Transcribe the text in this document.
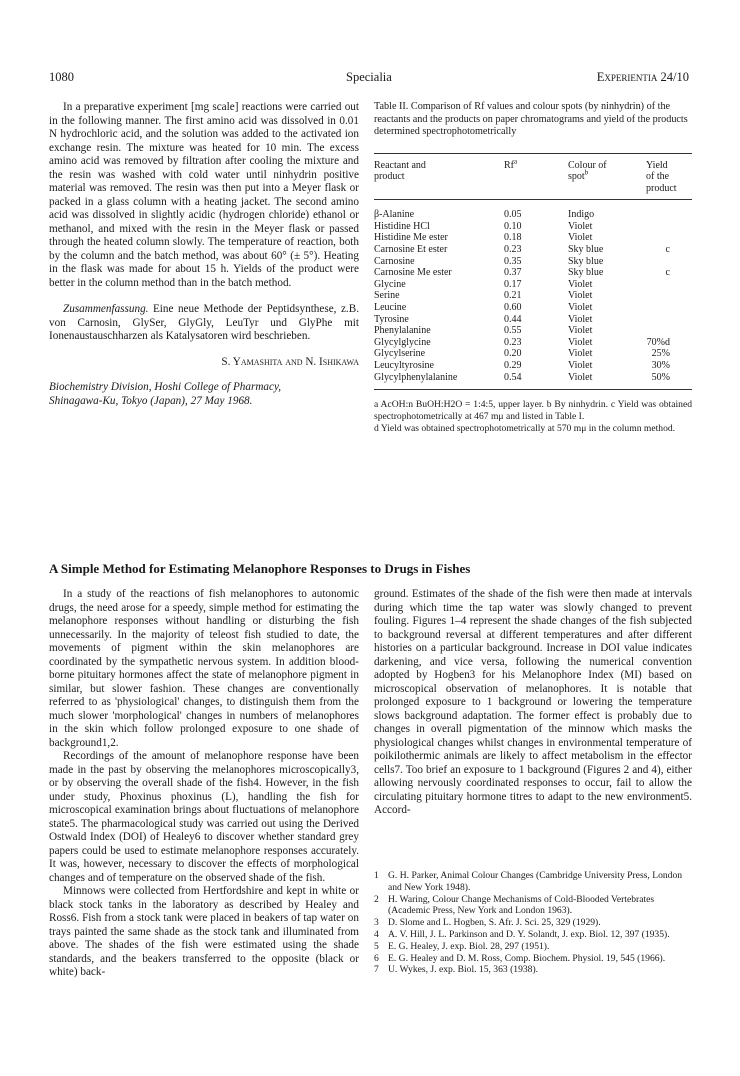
1080	Specialia	Experientia 24/10

In a preparative experiment [mg scale] reactions were carried out in the following manner. The first amino acid was dissolved in 0.01 N hydrochloric acid, and the solution was added to the activated ion exchange resin. The mixture was heated for 10 min. The excess amino acid was removed by filtration after cooling the mixture and the resin was washed with cold water until ninhydrin positive material was removed. The resin was then put into a Meyer flask or packed in a glass column with a heating jacket. The second amino acid was dissolved in slightly acidic (hydrogen chloride) ethanol or methanol, and mixed with the resin in the Meyer flask or passed through the heated column slowly. The temperature of reaction, both by the column and the batch method, was about 60° (± 5°). Heating in the flask was made for about 15 h. Yields of the product were better in the column method than in the batch method.

Zusammenfassung. Eine neue Methode der Peptidsynthese, z.B. von Carnosin, GlySer, GlyGly, LeuTyr und GlyPhe mit Ionenaustauschharzen als Katalysatoren wird beschrieben.

S. Yamashita and N. Ishikawa
Biochemistry Division, Hoshi College of Pharmacy,
Shinagawa-Ku, Tokyo (Japan), 27 May 1968.
Table II. Comparison of Rf values and colour spots (by ninhydrin) of the reactants and the products on paper chromatograms and yield of the products determined spectrophotometrically
Reactant and
product	Rf$^a$	Colour of
spot$^b$	Yield
of the
product
β-Alanine	0.05	Indigo	
Histidine HCl	0.10	Violet	
Histidine Me ester	0.18	Violet	
Carnosine Et ester	0.23	Sky blue	c
Carnosine	0.35	Sky blue	
Carnosine Me ester	0.37	Sky blue	c
Glycine	0.17	Violet	
Serine	0.21	Violet	
Leucine	0.60	Violet	
Tyrosine	0.44	Violet	
Phenylalanine	0.55	Violet	
Glycylglycine	0.23	Violet	70%d
Glycylserine	0.20	Violet	25%
Leucyltyrosine	0.29	Violet	30%
Glycylphenylalanine	0.54	Violet	50%
a AcOH:n BuOH:H2O = 1:4:5, upper layer. b By ninhydrin. c Yield was obtained spectrophotometrically at 467 mμ and listed in Table I.
d Yield was obtained spectrophotometrically at 570 mμ in the column method.
A Simple Method for Estimating Melanophore Responses to Drugs in Fishes

In a study of the reactions of fish melanophores to autonomic drugs, the need arose for a speedy, simple method for estimating the melanophore responses without handling or disturbing the fish unnecessarily. In the majority of teleost fish studied to date, the movements of pigment within the skin melanophores are coordinated by the sympathetic nervous system. In addition blood-borne pituitary hormones affect the state of melanophore pigment in similar, but slower fashion. These changes are conventionally referred to as 'physiological' changes, to distinguish them from the much slower 'morphological' changes in numbers of melanophores in the skin which follow prolonged exposure to one shade of background1,2.

Recordings of the amount of melanophore response have been made in the past by observing the melanophores microscopically3, or by observing the overall shade of the fish4. However, in the fish under study, Phoxinus phoxinus (L), handling the fish for microscopical examination brings about fluctuations of melanophore state5. The pharmacological study was carried out using the Derived Ostwald Index (DOI) of Healey6 to discover whether standard grey papers could be used to estimate melanophore responses accurately. It was, however, necessary to discover the effects of morphological changes and of temperature on the observed shade of the fish.

Minnows were collected from Hertfordshire and kept in white or black stock tanks in the laboratory as described by Healey and Ross6. Fish from a stock tank were placed in beakers of tap water on trays painted the same shade as the stock tank and illuminated from above. The shades of the fish were estimated using the shade standards, and the beakers transferred to the opposite (black or white) back-

ground. Estimates of the shade of the fish were then made at intervals during which time the tap water was slowly changed to prevent fouling. Figures 1–4 represent the shade changes of the fish subjected to background reversal at different temperatures and after different histories on a particular background. Increase in DOI value indicates darkening, and vice versa, following the numerical convention adopted by Hogben3 for his Melanophore Index (MI) based on microscopical observation of melanophores. It is notable that prolonged exposure to 1 background or lowering the temperature slows background adaptation. The former effect is probably due to changes in overall pigmentation of the minnow which masks the physiological changes whilst changes in environmental temperature of poikilothermic animals are likely to affect metabolism in the effector cells7. Too brief an exposure to 1 background (Figures 2 and 4), either allowing nervously coordinated responses to occur, fail to allow the circulating pituitary hormone titres to adapt to the new environment5. Accord-

1 G. H. Parker, Animal Colour Changes (Cambridge University Press, London and New York 1948).
2 H. Waring, Colour Change Mechanisms of Cold-Blooded Vertebrates (Academic Press, New York and London 1963).
3 D. Slome and L. Hogben, S. Afr. J. Sci. 25, 329 (1929).
4 A. V. Hill, J. L. Parkinson and D. Y. Solandt, J. exp. Biol. 12, 397 (1935).
5 E. G. Healey, J. exp. Biol. 28, 297 (1951).
6 E. G. Healey and D. M. Ross, Comp. Biochem. Physiol. 19, 545 (1966).
7 U. Wykes, J. exp. Biol. 15, 363 (1938).
